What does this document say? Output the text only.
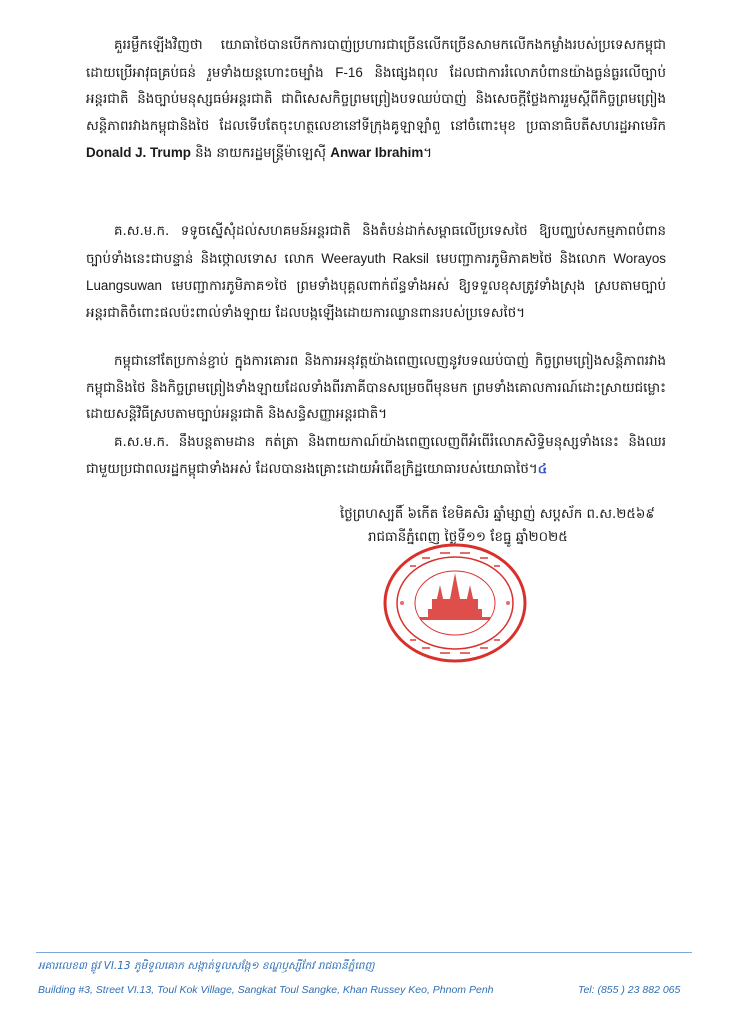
គួររម្លឹកឡើងវិញថា យោធាថៃបានបើកការបាញ់ប្រហារជាច្រើនលើកច្រើនសាមកលើកងកម្លាំងរបស់ប្រទេសកម្ពុជា ដោយប្រើអាវុធគ្រប់ធន់ រួមទាំងយន្តហោះចម្បាំង F-16 និងផ្សេងពុល ដែលជាការរំលោភបំពានយ៉ាងធ្ងន់ធ្ងរលើច្បាប់អន្តរជាតិ និងច្បាប់មនុស្សធម៌អន្តរជាតិ ជាពិសេសកិច្ចព្រមព្រៀងបទឈប់បាញ់ និងសេចក្ដីថ្លែងការរួមស្ដីពីកិច្ចព្រមព្រៀងសន្តិភាពរវាងកម្ពុជានិងថៃ ដែលទើបតែចុះហត្ថលេខានៅទីក្រុងគូឡាឡាំពួ នៅចំពោះមុខ ប្រធានាធិបតីសហរដ្ឋអាមេរិក Donald J. Trump និង នាយករដ្ឋមន្ត្រីម៉ាឡេស៊ី Anwar Ibrahim។

គ.ស.ម.ក. ទទូចស្នើសុំដល់សហគមន៍អន្តរជាតិ និងតំបន់ដាក់សម្ពាធលើប្រទេសថៃ ឱ្យបញ្ឈប់សកម្មភាពបំពានច្បាប់ទាំងនេះជាបន្ទាន់ និងថ្កោលទោស លោក Weerayuth Raksil មេបញ្ជាការភូមិភាគ២ថៃ និងលោក Worayos Luangsuwan មេបញ្ជាការភូមិភាគ១ថៃ ព្រមទាំងបុគ្គលពាក់ព័ន្ធទាំងអស់ ឱ្យទទួលខុសត្រូវទាំងស្រុង ស្របតាមច្បាប់អន្តរជាតិចំពោះផលប៉ះពាល់ទាំងឡាយ ដែលបង្កឡើងដោយការឈ្លានពានរបស់ប្រទេសថៃ។

កម្ពុជានៅតែប្រកាន់ខ្ជាប់ ក្នុងការគោរព និងការអនុវត្តយ៉ាងពេញលេញនូវបទឈប់បាញ់ កិច្ចព្រមព្រៀងសន្តិភាពរវាងកម្ពុជានិងថៃ និងកិច្ចព្រមព្រៀងទាំងឡាយដែលទាំងពីរភាគីបានសម្រេចពីមុនមក ព្រមទាំងគោលការណ៍ដោះស្រាយជម្លោះដោយសន្តិវិធីស្របតាមច្បាប់អន្តរជាតិ និងសន្ធិសញ្ញាអន្តរជាតិ។

គ.ស.ម.ក. នឹងបន្តតាមដាន កត់ត្រា និងពាយកាណ៍យ៉ាងពេញលេញពីអំពើរំលោភសិទ្ធិមនុស្សទាំងនេះ និងឈរជាមួយប្រជាពលរដ្ឋកម្ពុជាទាំងអស់ ដែលបានរងគ្រោះដោយអំពើឧក្រិដ្ឋយោធារបស់យោធាថៃ។៤

ថ្ងៃព្រហស្បតិ៍ ៦កើត ខែមិគសិរ ឆ្នាំម្សាញ់ សប្តស័ក ព.ស.២៥៦៩
រាជធានីភ្នំពេញ ថ្ងៃទី១១ ខែធ្នូ ឆ្នាំ២០២៥
អគារលេខ៣ ផ្លូវ VI.13 ភូមិទួលគោក សង្កាត់ទួលសង្កែ១ ខណ្ឌឫស្សីកែវ រាជធានីភ្នំពេញ
Building #3, Street VI.13, Toul Kok Village, Sangkat Toul Sangke, Khan Russey Keo, Phnom Penh	Tel: (855 ) 23 882 065
